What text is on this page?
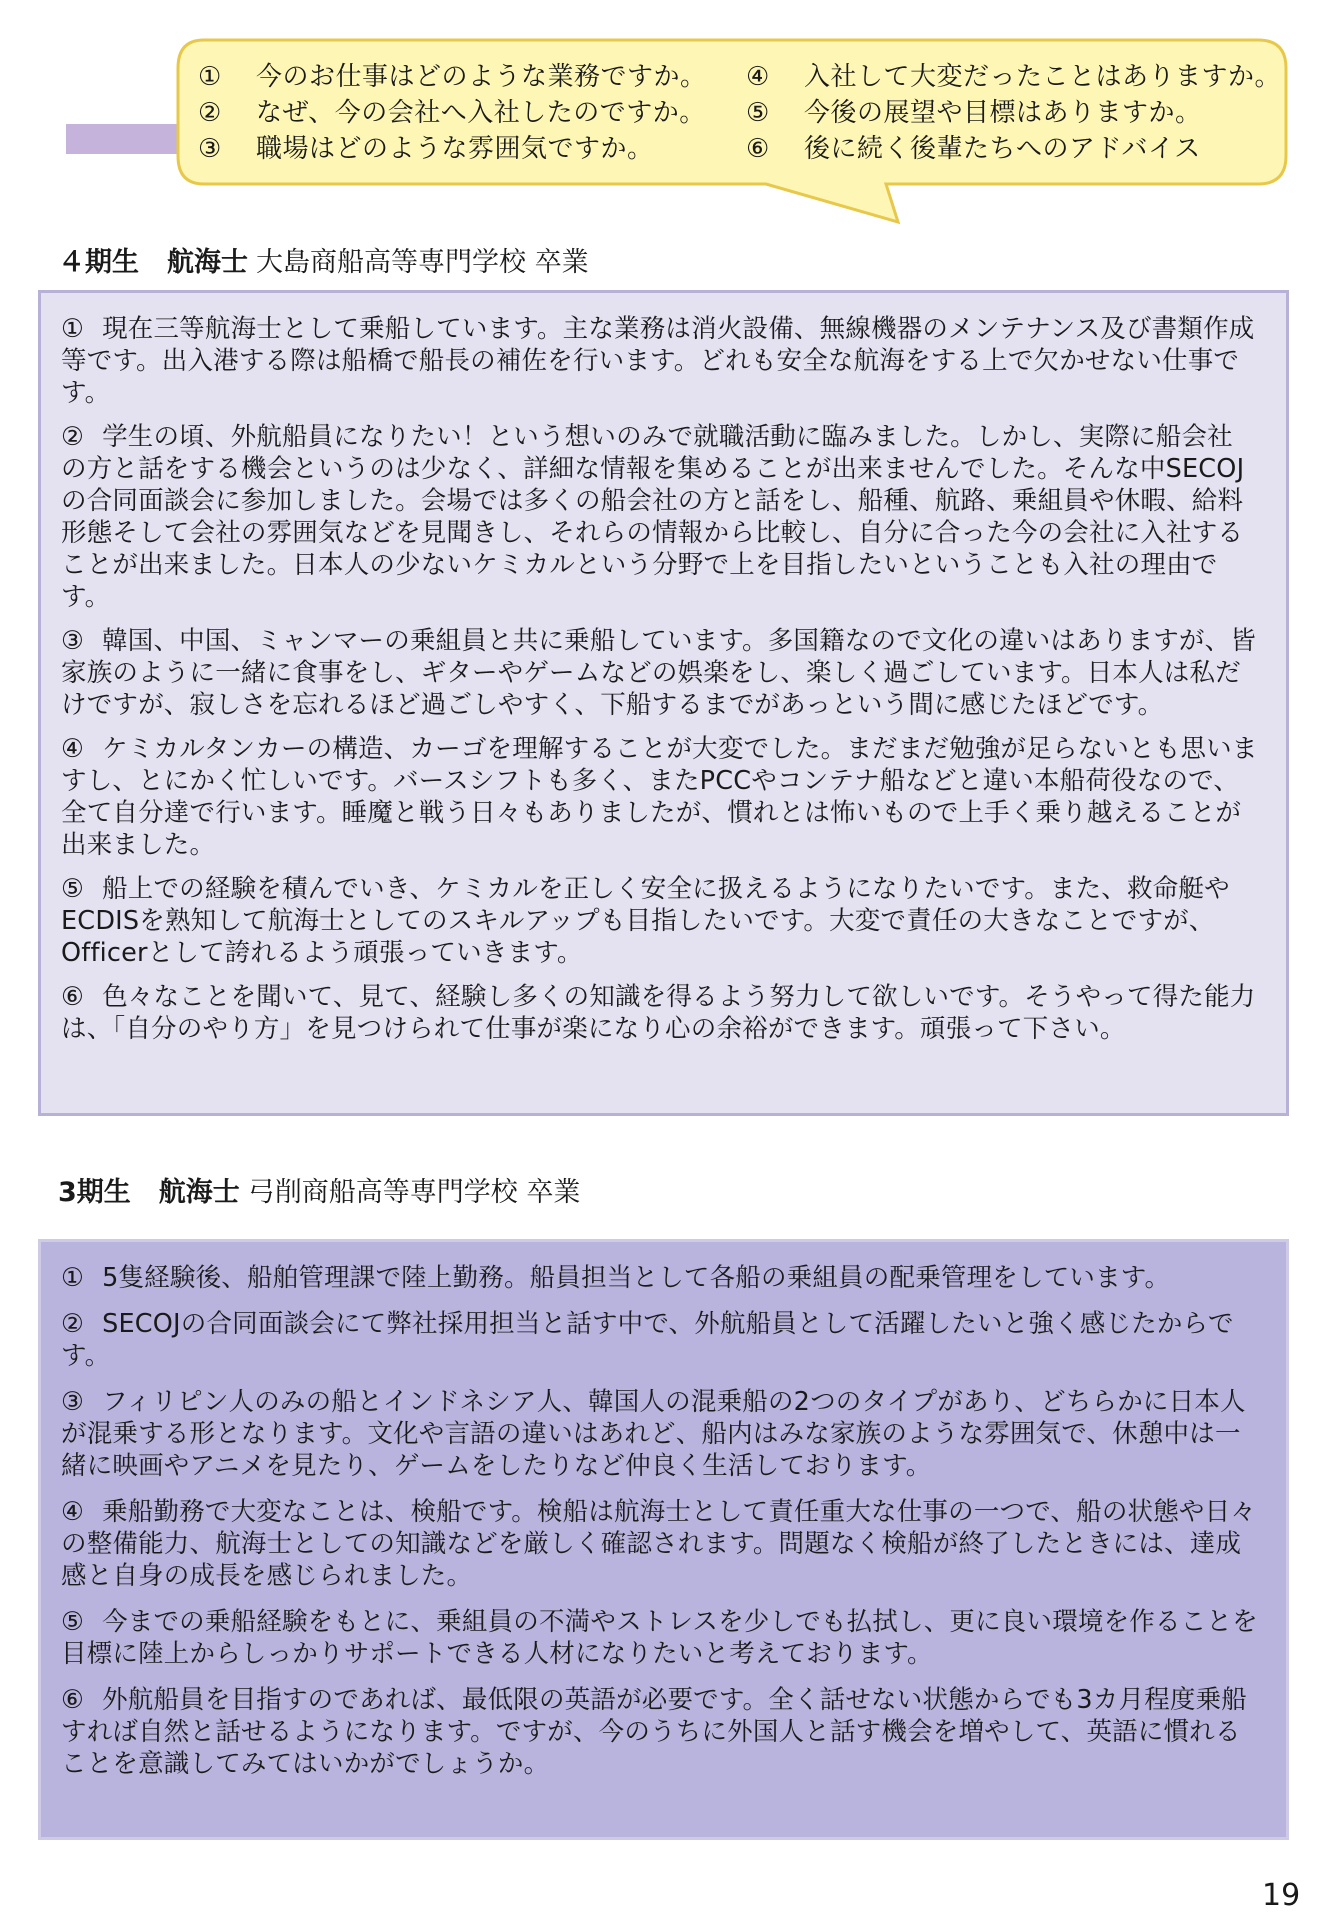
①	今のお仕事はどのような業務ですか。 ④	入社して大変だったことはありますか。
②	なぜ、今の会社へ入社したのですか。 ⑤	今後の展望や目標はありますか。
③	職場はどのような雰囲気ですか。	⑥	後に続く後輩たちへのアドバイス
４期生 航海士 大島商船高等専門学校 卒業

① 現在三等航海士として乗船しています。主な業務は消火設備、無線機器のメンテナンス及び書類作成等です。出入港する際は船橋で船長の補佐を行います。どれも安全な航海をする上で欠かせない仕事です。

② 学生の頃、外航船員になりたい！という想いのみで就職活動に臨みました。しかし、実際に船会社の方と話をする機会というのは少なく、詳細な情報を集めることが出来ませんでした。そんな中SECOJ の合同面談会に参加しました。会場では多くの船会社の方と話をし、船種、航路、乗組員や休暇、給料形態そして会社の雰囲気などを見聞きし、それらの情報から比較し、自分に合った今の会社に入社することが出来ました。日本人の少ないケミカルという分野で上を目指したいということも入社の理由です。

③ 韓国、中国、ミャンマーの乗組員と共に乗船しています。多国籍なので文化の違いはありますが、皆家族のように一緒に食事をし、ギターやゲームなどの娯楽をし、楽しく過ごしています。日本人は私だけですが、寂しさを忘れるほど過ごしやすく、下船するまでがあっという間に感じたほどです。

④ ケミカルタンカーの構造、カーゴを理解することが大変でした。まだまだ勉強が足らないとも思いますし、とにかく忙しいです。バースシフトも多く、またPCCやコンテナ船などと違い本船荷役なので、全て自分達で行います。睡魔と戦う日々もありましたが、慣れとは怖いもので上手く乗り越えることが出来ました。

⑤ 船上での経験を積んでいき、ケミカルを正しく安全に扱えるようになりたいです。また、救命艇やECDISを熟知して航海士としてのスキルアップも目指したいです。大変で責任の大きなことですが、Officerとして誇れるよう頑張っていきます。

⑥ 色々なことを聞いて、見て、経験し多くの知識を得るよう努力して欲しいです。そうやって得た能力は、「自分のやり方」を見つけられて仕事が楽になり心の余裕ができます。頑張って下さい。

3期生 航海士 弓削商船高等専門学校 卒業

① 5隻経験後、船舶管理課で陸上勤務。船員担当として各船の乗組員の配乗管理をしています。

② SECOJの合同面談会にて弊社採用担当と話す中で、外航船員として活躍したいと強く感じたからです。

③ フィリピン人のみの船とインドネシア人、韓国人の混乗船の2つのタイプがあり、どちらかに日本人が混乗する形となります。文化や言語の違いはあれど、船内はみな家族のような雰囲気で、休憩中は一緒に映画やアニメを見たり、ゲームをしたりなど仲良く生活しております。

④ 乗船勤務で大変なことは、検船です。検船は航海士として責任重大な仕事の一つで、船の状態や日々の整備能力、航海士としての知識などを厳しく確認されます。問題なく検船が終了したときには、達成感と自身の成長を感じられました。

⑤ 今までの乗船経験をもとに、乗組員の不満やストレスを少しでも払拭し、更に良い環境を作ることを目標に陸上からしっかりサポートできる人材になりたいと考えております。

⑥ 外航船員を目指すのであれば、最低限の英語が必要です。全く話せない状態からでも3カ月程度乗船すれば自然と話せるようになります。ですが、今のうちに外国人と話す機会を増やして、英語に慣れることを意識してみてはいかがでしょうか。

19
